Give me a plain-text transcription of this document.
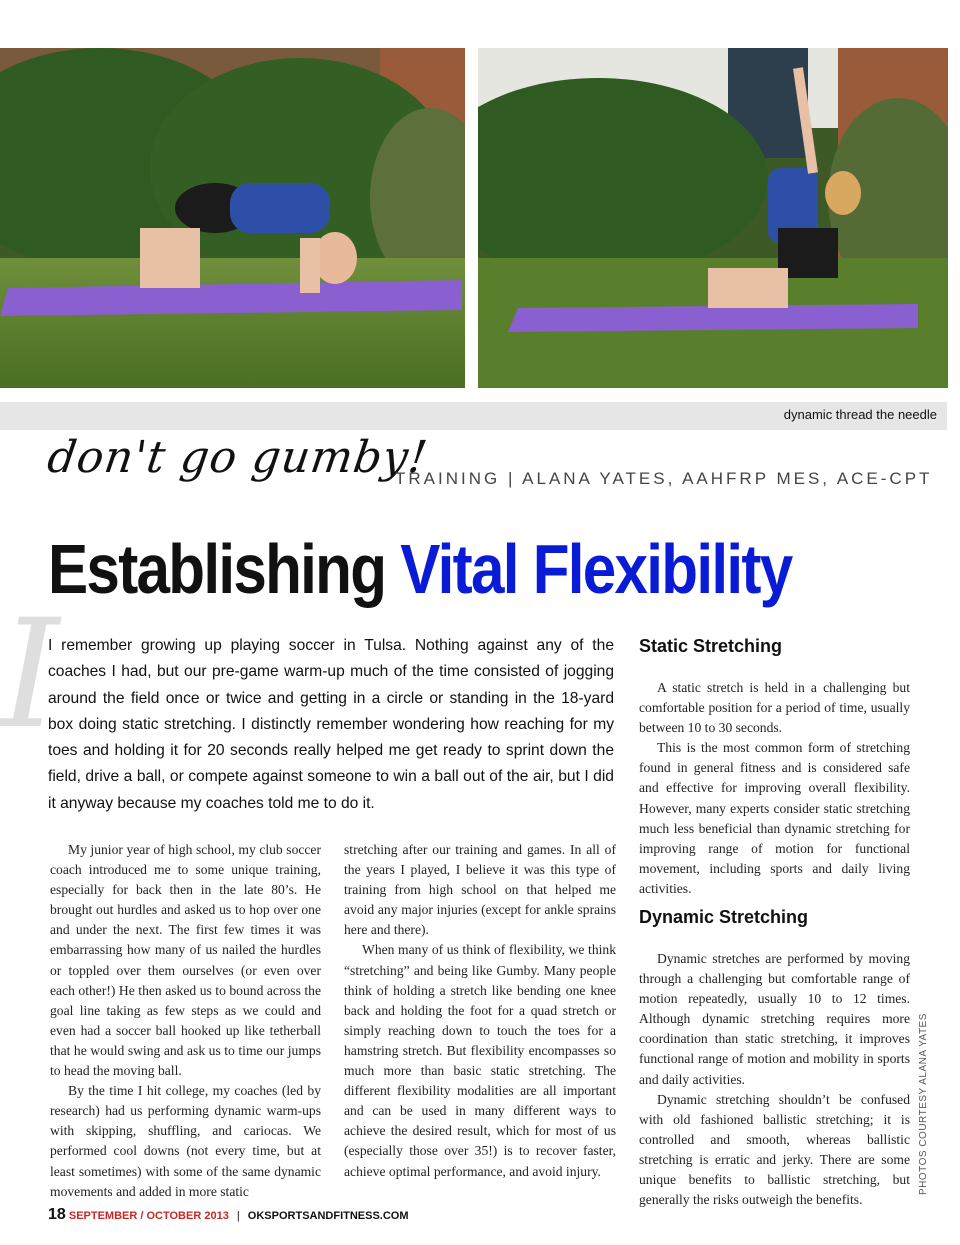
dynamic thread the needle
don't go gumby!
TRAINING | ALANA YATES, AAHFRP MES, ACE-CPT
Establishing Vital Flexibility
I
I remember growing up playing soccer in Tulsa. Nothing against any of the coaches I had, but our pre-game warm-up much of the time consisted of jogging around the field once or twice and getting in a circle or standing in the 18-yard box doing static stretching. I distinctly remember wondering how reaching for my toes and holding it for 20 seconds really helped me get ready to sprint down the field, drive a ball, or compete against someone to win a ball out of the air, but I did it anyway because my coaches told me to do it.

My junior year of high school, my club soccer coach introduced me to some unique training, especially for back then in the late 80’s. He brought out hurdles and asked us to hop over one and under the next. The first few times it was embarrassing how many of us nailed the hurdles or toppled over them ourselves (or even over each other!) He then asked us to bound across the goal line taking as few steps as we could and even had a soccer ball hooked up like tetherball that he would swing and ask us to time our jumps to head the moving ball.

By the time I hit college, my coaches (led by research) had us performing dynamic warm-ups with skipping, shuffling, and cariocas. We performed cool downs (not every time, but at least sometimes) with some of the same dynamic movements and added in more static

stretching after our training and games. In all of the years I played, I believe it was this type of training from high school on that helped me avoid any major injuries (except for ankle sprains here and there).

When many of us think of flexibility, we think “stretching” and being like Gumby. Many people think of holding a stretch like bending one knee back and holding the foot for a quad stretch or simply reaching down to touch the toes for a hamstring stretch. But flexibility encompasses so much more than basic static stretching. The different flexibility modalities are all important and can be used in many different ways to achieve the desired result, which for most of us (especially those over 35!) is to recover faster, achieve optimal performance, and avoid injury.

Static Stretching

A static stretch is held in a challenging but comfortable position for a period of time, usually between 10 to 30 seconds.

This is the most common form of stretching found in general fitness and is considered safe and effective for improving overall flexibility. However, many experts consider static stretching much less beneficial than dynamic stretching for improving range of motion for functional movement, including sports and daily living activities.

Dynamic Stretching

Dynamic stretches are performed by moving through a challenging but comfortable range of motion repeatedly, usually 10 to 12 times. Although dynamic stretching requires more coordination than static stretching, it improves functional range of motion and mobility in sports and daily activities.

Dynamic stretching shouldn’t be confused with old fashioned ballistic stretching; it is controlled and smooth, whereas ballistic stretching is erratic and jerky. There are some unique benefits to ballistic stretching, but generally the risks outweigh the benefits.

PHOTOS COURTESY ALANA YATES
18 SEPTEMBER / OCTOBER 2013 | OKSPORTSANDFITNESS.COM
